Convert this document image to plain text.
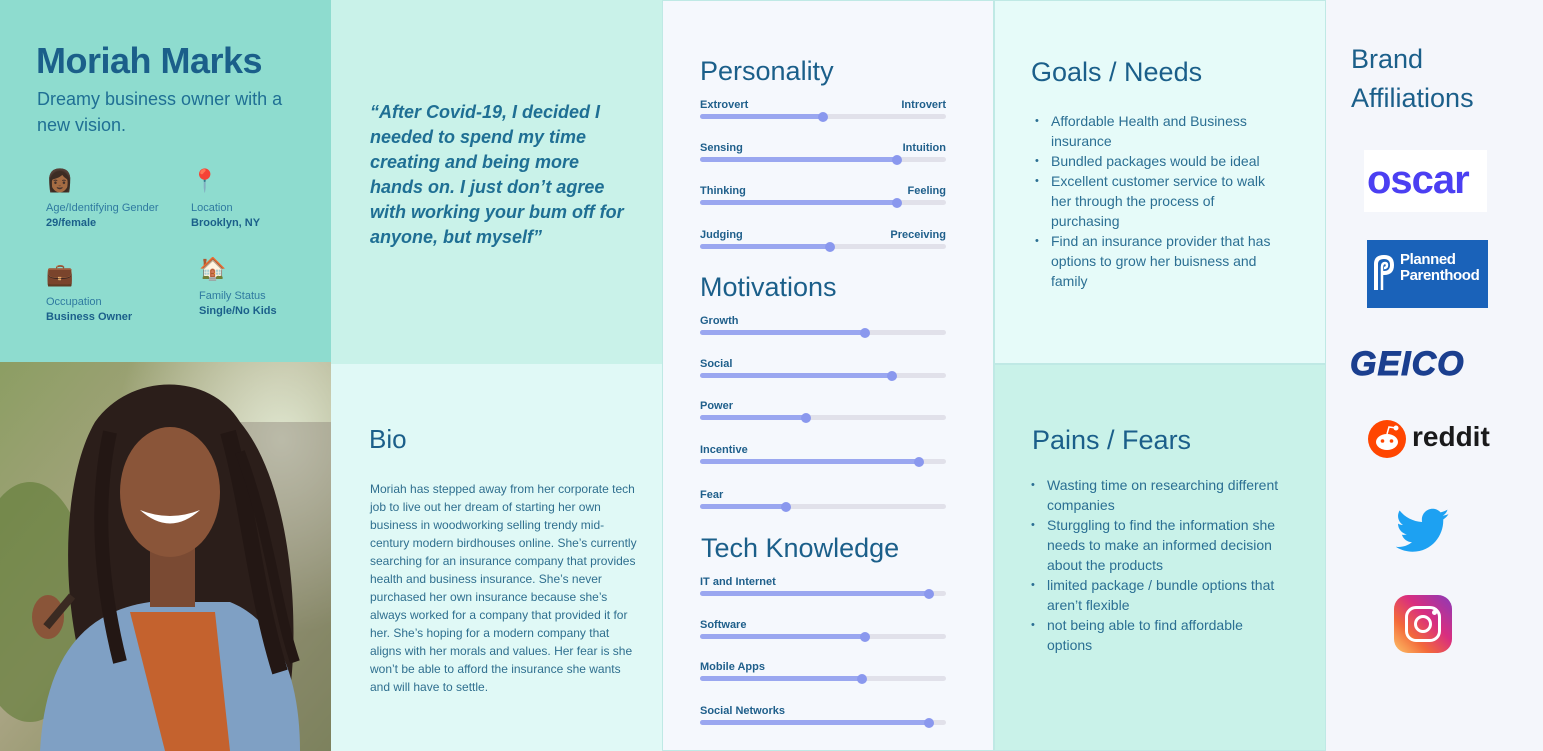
Moriah Marks
Dreamy business owner with a new vision.
👩🏾
Age/Identifying Gender
29/female
📍
Location
Brooklyn, NY
💼
Occupation
Business Owner
🏠
Family Status
Single/No Kids
“After Covid-19, I decided I needed to spend my time creating and being more hands on. I just don’t agree with working your bum off for anyone, but myself”
Bio
Moriah has stepped away from her corporate tech job to live out her dream of starting her own business in woodworking selling trendy mid-century modern birdhouses online. She’s currently searching for an insurance company that provides health and business insurance. She’s never purchased her own insurance because she’s always worked for a company that provided it for her. She’s hoping for a modern company that aligns with her morals and values. Her fear is she won’t be able to afford the insurance she wants and will have to settle.
Personality
Extrovert	Introvert
Sensing	Intuition
Thinking	Feeling
Judging	Preceiving
Motivations
Growth
Social
Power
Incentive
Fear
Tech Knowledge
IT and Internet
Software
Mobile Apps
Social Networks
Goals / Needs
• Affordable Health and Business insurance
• Bundled packages would be ideal
• Excellent customer service to walk her through the process of purchasing
• Find an insurance provider that has options to grow her buisness and family
Pains / Fears
• Wasting time on researching different companies
• Sturggling to find the information she needs to make an informed decision about the products
• limited package / bundle options that aren’t flexible
• not being able to find affordable options
Brand Affiliations
oscar
Planned
Parenthood
GEICO
reddit
